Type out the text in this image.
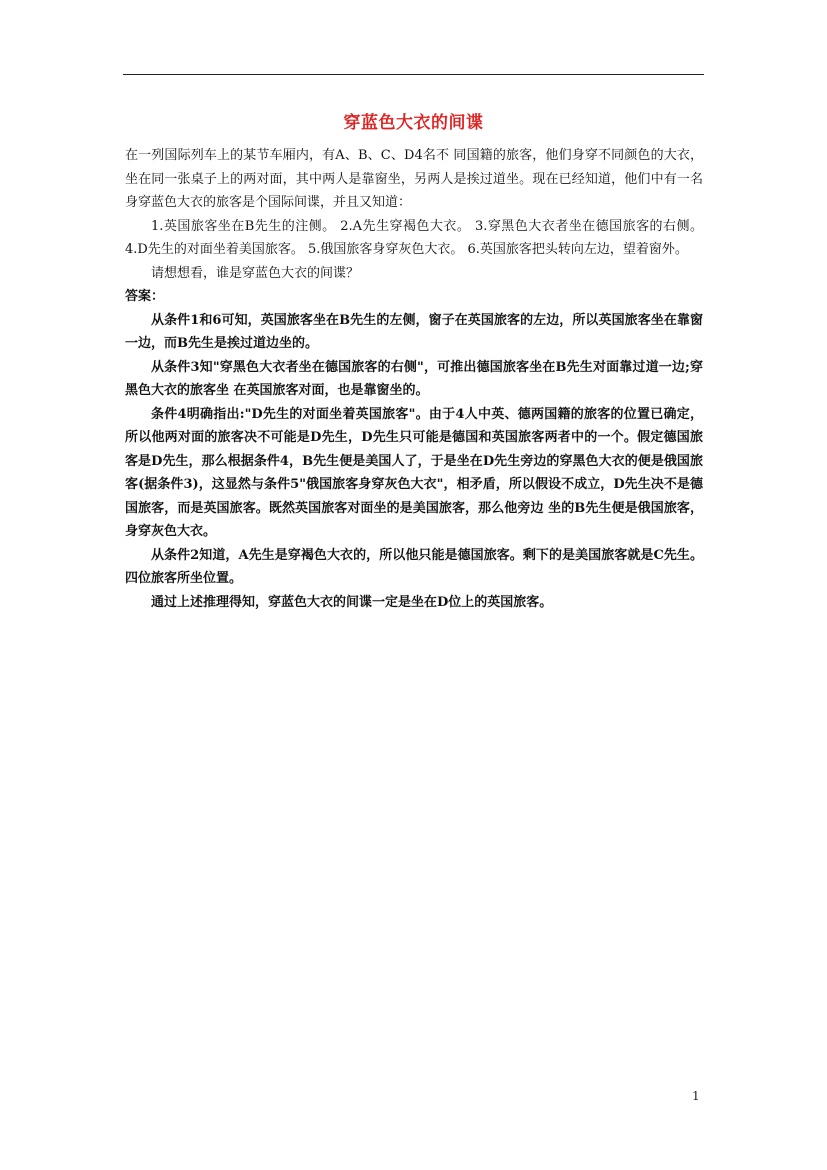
穿蓝色大衣的间谍

在一列国际列车上的某节车厢内，有A、B、C、D4名不 同国籍的旅客，他们身穿不同颜色的大衣，坐在同一张桌子上的两对面，其中两人是靠窗坐，另两人是挨过道坐。现在已经知道，他们中有一名身穿蓝色大衣的旅客是个国际间谍，并且又知道：

1.英国旅客坐在B先生的注侧。 2.A先生穿褐色大衣。 3.穿黑色大衣者坐在德国旅客的右侧。 4.D先生的对面坐着美国旅客。 5.俄国旅客身穿灰色大衣。 6.英国旅客把头转向左边，望着窗外。

请想想看，谁是穿蓝色大衣的间谍？

答案：

从条件1和6可知，英国旅客坐在B先生的左侧，窗子在英国旅客的左边，所以英国旅客坐在靠窗一边，而B先生是挨过道边坐的。

从条件3知"穿黑色大衣者坐在德国旅客的右侧"，可推出德国旅客坐在B先生对面靠过道一边;穿黑色大衣的旅客坐 在英国旅客对面，也是靠窗坐的。

条件4明确指出:"D先生的对面坐着英国旅客"。由于4人中英、德两国籍的旅客的位置已确定，所以他两对面的旅客决不可能是D先生，D先生只可能是德国和英国旅客两者中的一个。假定德国旅客是D先生，那么根据条件4，B先生便是美国人了，于是坐在D先生旁边的穿黑色大衣的便是俄国旅客(据条件3)，这显然与条件5"俄国旅客身穿灰色大衣"，相矛盾，所以假设不成立，D先生决不是德国旅客，而是英国旅客。既然英国旅客对面坐的是美国旅客，那么他旁边 坐的B先生便是俄国旅客，身穿灰色大衣。

从条件2知道，A先生是穿褐色大衣的，所以他只能是德国旅客。剩下的是美国旅客就是C先生。四位旅客所坐位置。

通过上述推理得知，穿蓝色大衣的间谍一定是坐在D位上的英国旅客。

1
